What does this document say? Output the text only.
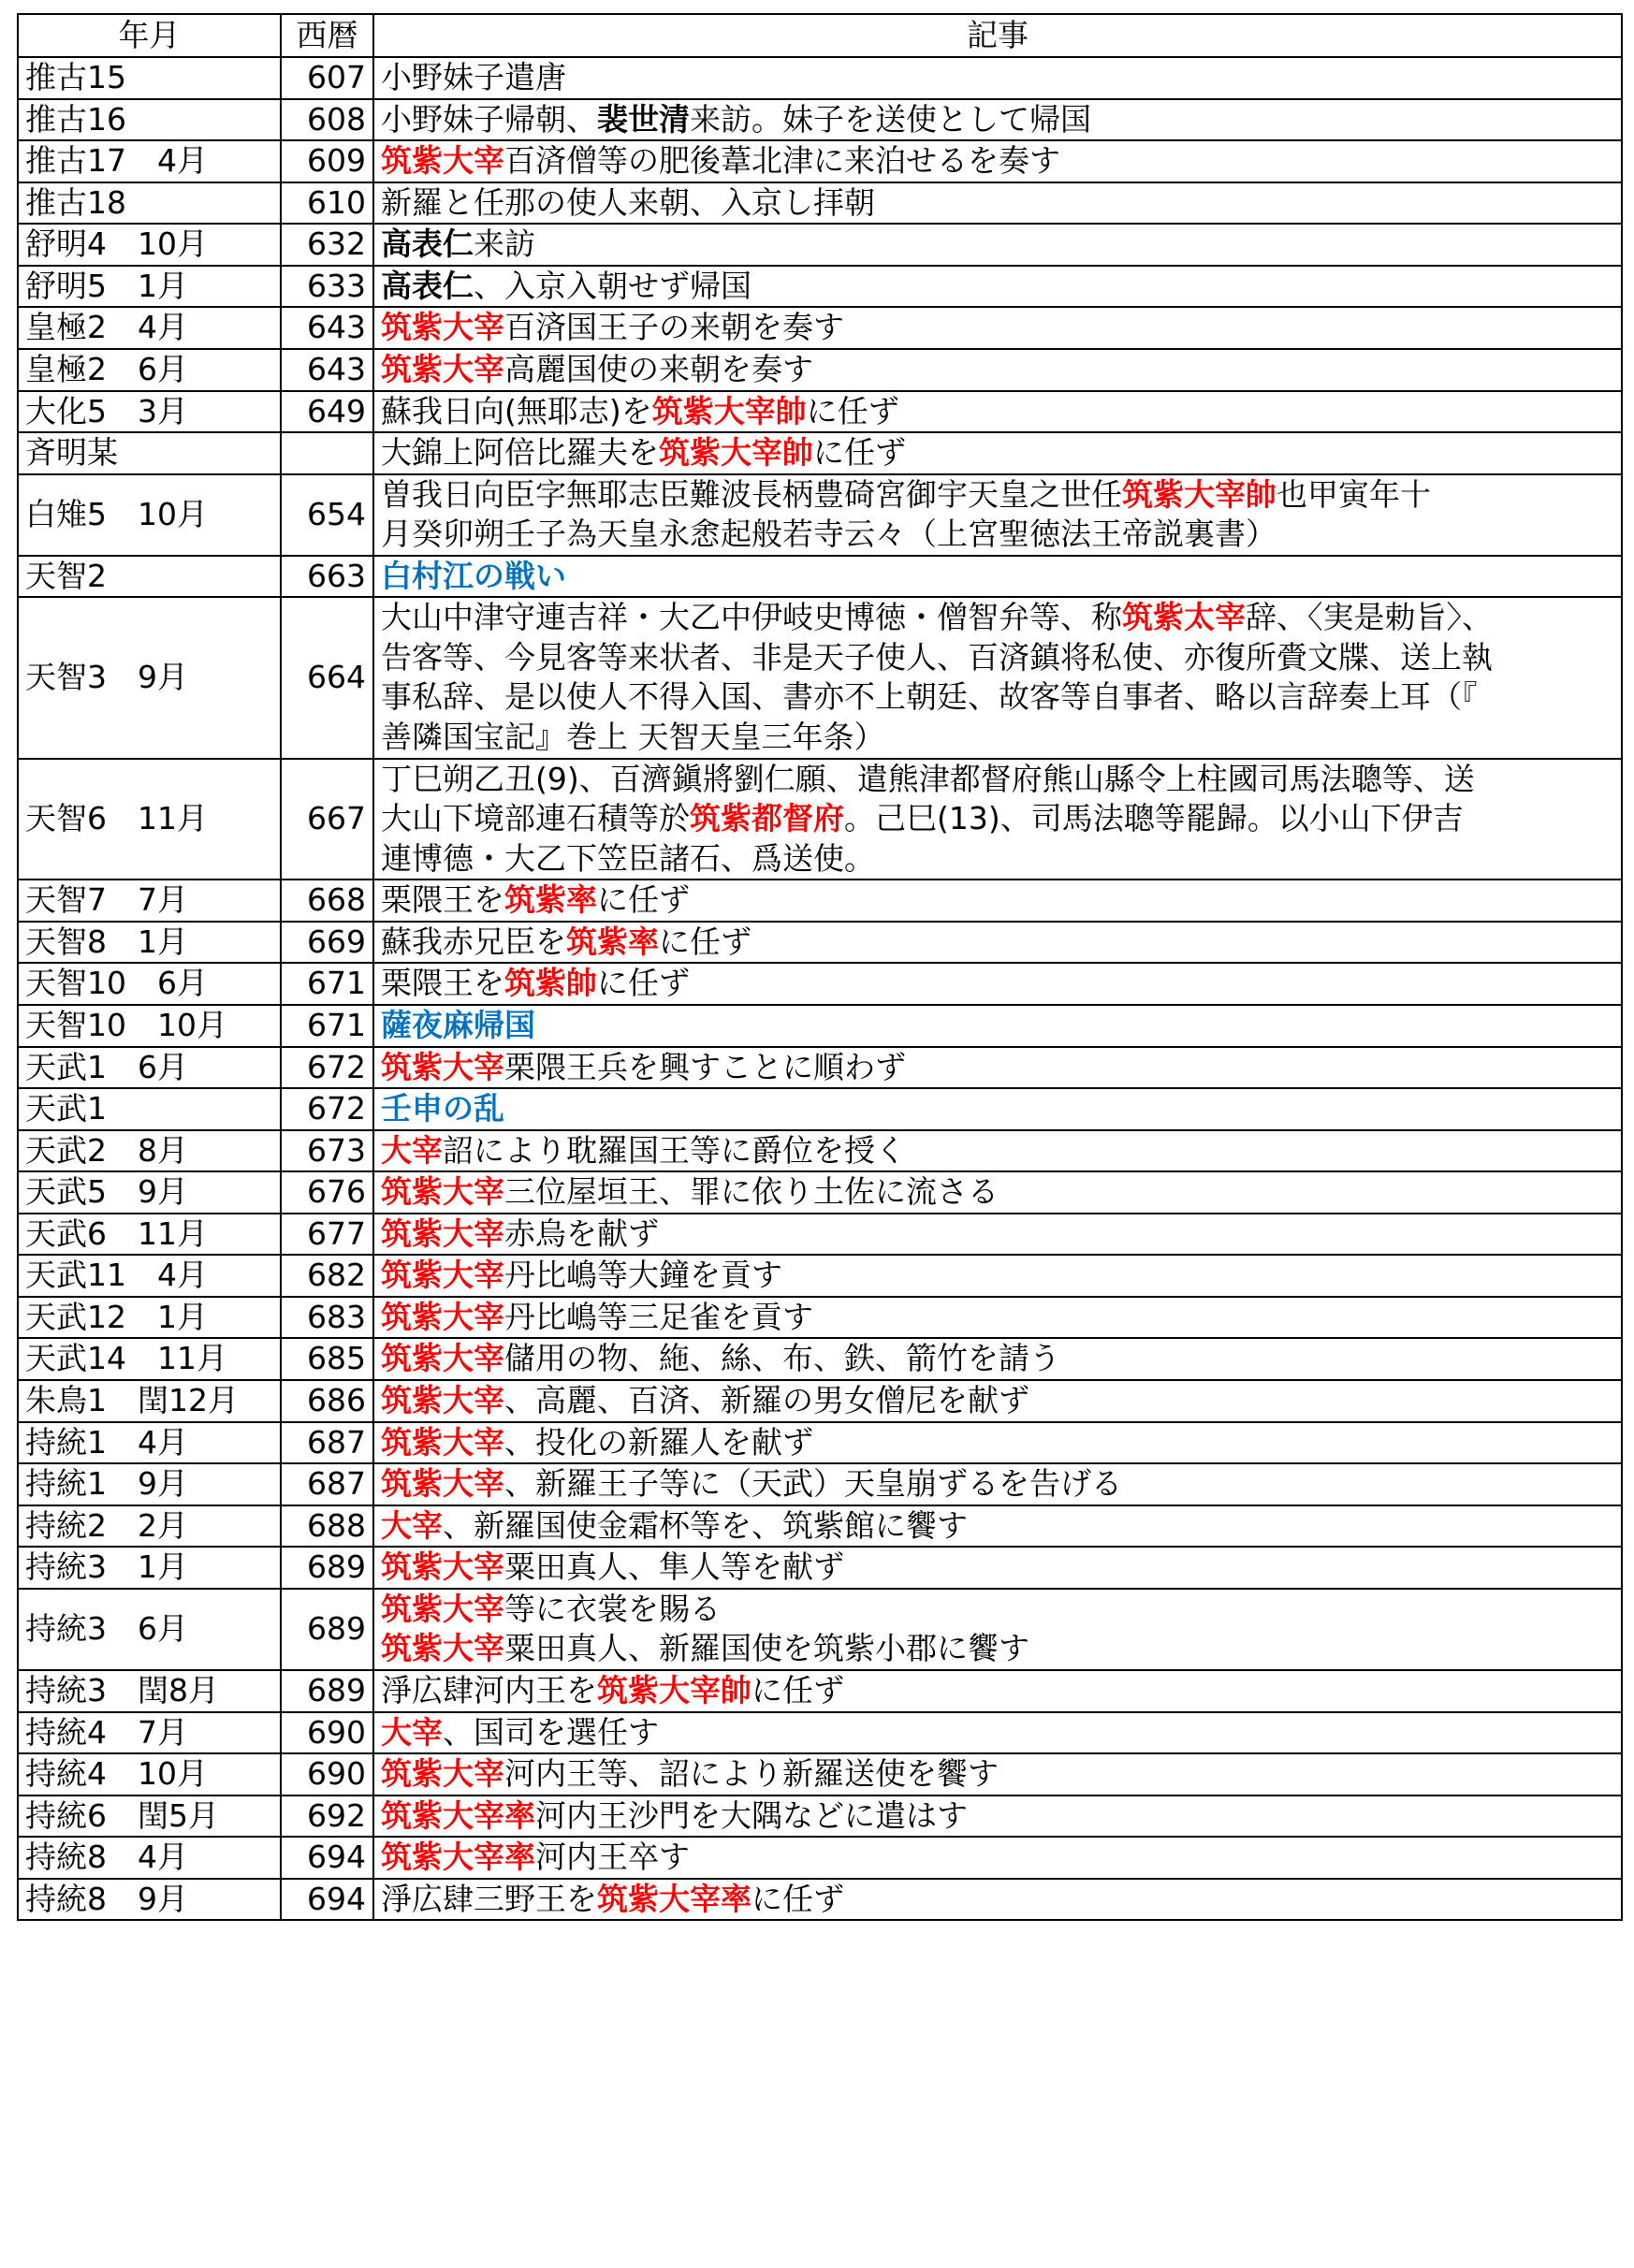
年月	西暦	記事
推古15	607	小野妹子遣唐

推古16	608	小野妹子帰朝、裴世清来訪。妹子を送使として帰国

推古17　4月	609	筑紫大宰百済僧等の肥後葦北津に来泊せるを奏す

推古18	610	新羅と任那の使人来朝、入京し拝朝

舒明4　10月	632	高表仁来訪

舒明5　1月	633	高表仁、入京入朝せず帰国

皇極2　4月	643	筑紫大宰百済国王子の来朝を奏す

皇極2　6月	643	筑紫大宰高麗国使の来朝を奏す

大化5　3月	649	蘇我日向(無耶志)を筑紫大宰帥に任ず

斉明某		大錦上阿倍比羅夫を筑紫大宰帥に任ず

白雉5　10月	654	曽我日向臣字無耶志臣難波長柄豊碕宮御宇天皇之世任筑紫大宰帥也甲寅年十
月癸卯朔壬子為天皇永悆起般若寺云々（上宮聖徳法王帝説裏書）

天智2	663	白村江の戦い

天智3　9月	664	大山中津守連吉祥・大乙中伊岐史博徳・僧智弁等、称筑紫太宰辞、〈実是勅旨〉、
告客等、今見客等来状者、非是天子使人、百済鎮将私使、亦復所賫文牒、送上執
事私辞、是以使人不得入国、書亦不上朝廷、故客等自事者、略以言辞奏上耳（『
善隣国宝記』巻上 天智天皇三年条）

天智6　11月	667	丁巳朔乙丑(9)、百濟鎭將劉仁願、遣熊津都督府熊山縣令上柱國司馬法聰等、送
大山下境部連石積等於筑紫都督府。己巳(13)、司馬法聰等罷歸。以小山下伊吉
連博德・大乙下笠臣諸石、爲送使。

天智7　7月	668	栗隈王を筑紫率に任ず

天智8　1月	669	蘇我赤兄臣を筑紫率に任ず

天智10　6月	671	栗隈王を筑紫帥に任ず

天智10　10月	671	薩夜麻帰国

天武1　6月	672	筑紫大宰栗隈王兵を興すことに順わず

天武1	672	壬申の乱

天武2　8月	673	大宰詔により耽羅国王等に爵位を授く

天武5　9月	676	筑紫大宰三位屋垣王、罪に依り土佐に流さる

天武6　11月	677	筑紫大宰赤烏を献ず

天武11　4月	682	筑紫大宰丹比嶋等大鐘を貢す

天武12　1月	683	筑紫大宰丹比嶋等三足雀を貢す

天武14　11月	685	筑紫大宰儲用の物、絁、絲、布、鉄、箭竹を請う

朱鳥1　閏12月	686	筑紫大宰、高麗、百済、新羅の男女僧尼を献ず

持統1　4月	687	筑紫大宰、投化の新羅人を献ず

持統1　9月	687	筑紫大宰、新羅王子等に（天武）天皇崩ずるを告げる

持統2　2月	688	大宰、新羅国使金霜杯等を、筑紫館に饗す

持統3　1月	689	筑紫大宰粟田真人、隼人等を献ず

持統3　6月	689	筑紫大宰等に衣裳を賜る
筑紫大宰粟田真人、新羅国使を筑紫小郡に饗す

持統3　閏8月	689	淨広肆河内王を筑紫大宰帥に任ず

持統4　7月	690	大宰、国司を選任す

持統4　10月	690	筑紫大宰河内王等、詔により新羅送使を饗す

持統6　閏5月	692	筑紫大宰率河内王沙門を大隅などに遣はす

持統8　4月	694	筑紫大宰率河内王卒す

持統8　9月	694	淨広肆三野王を筑紫大宰率に任ず
